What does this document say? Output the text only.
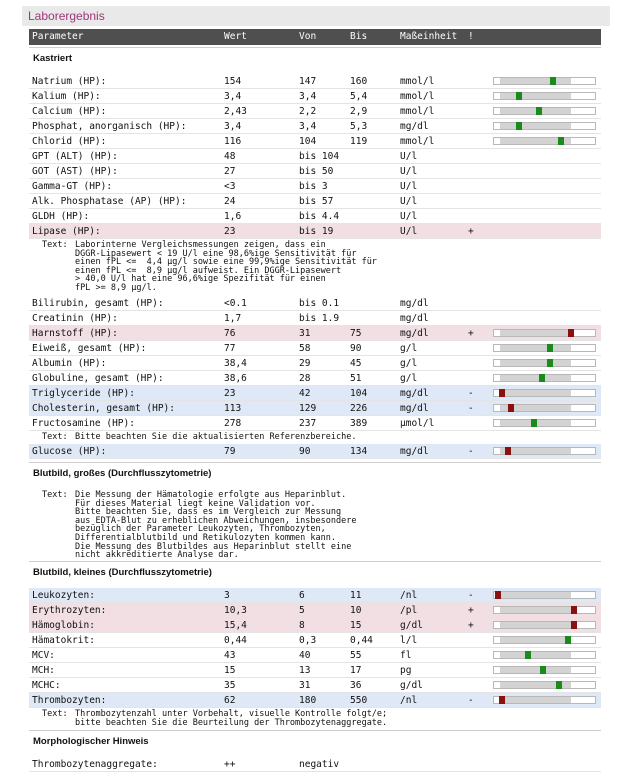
Laborergebnis
Parameter	Wert	Von	Bis	Maßeinheit !
Kastriert
Natrium (HP):	154	147	160	mmol/l
Kalium (HP):	3,4	3,4	5,4	mmol/l
Calcium (HP):	2,43	2,2	2,9	mmol/l
Phosphat, anorganisch (HP):	3,4	3,4	5,3	mg/dl
Chlorid (HP):	116	104	119	mmol/l
GPT (ALT) (HP):	48	bis 104	U/l
GOT (AST) (HP):	27	bis 50	U/l
Gamma-GT (HP):	<3	bis 3	U/l
Alk. Phosphatase (AP) (HP):	24	bis 57	U/l
GLDH (HP):	1,6	bis 4.4	U/l
Lipase (HP):	23	bis 19	U/l	+
Text: Laborinterne Vergleichsmessungen zeigen, dass ein
DGGR-Lipasewert < 19 U/l eine 98,6%ige Sensitivität für
einen fPL <=  4,4 µg/l sowie eine 99,9%ige Sensitivität für
einen fPL <=  8,9 µg/l aufweist. Ein DGGR-Lipasewert
> 40,0 U/l hat eine 96,6%ige Spezifität für einen
fPL >= 8,9 µg/l.
Bilirubin, gesamt (HP):	<0.1	bis 0.1	mg/dl
Creatinin (HP):	1,7	bis 1.9	mg/dl
Harnstoff (HP):	76	31	75	mg/dl	+
Eiweiß, gesamt (HP):	77	58	90	g/l
Albumin (HP):	38,4	29	45	g/l
Globuline, gesamt (HP):	38,6	28	51	g/l
Triglyceride (HP):	23	42	104	mg/dl	-
Cholesterin, gesamt (HP):	113	129	226	mg/dl	-
Fructosamine (HP):	278	237	389	µmol/l
Text: Bitte beachten Sie die aktualisierten Referenzbereiche.
Glucose (HP):	79	90	134	mg/dl	-
Blutbild, großes (Durchflusszytometrie)
Text: Die Messung der Hämatologie erfolgte aus Heparinblut.
Für dieses Material liegt keine Validation vor.
Bitte beachten Sie, dass es im Vergleich zur Messung
aus EDTA-Blut zu erheblichen Abweichungen, insbesondere
bezüglich der Parameter Leukozyten, Thrombozyten,
Differentialblutbild und Retikulozyten kommen kann.
Die Messung des Blutbildes aus Heparinblut stellt eine
nicht akkreditierte Analyse dar.
Blutbild, kleines (Durchflusszytometrie)
Leukozyten:	3	6	11	/nl	-
Erythrozyten:	10,3	5	10	/pl	+
Hämoglobin:	15,4	8	15	g/dl	+
Hämatokrit:	0,44	0,3	0,44	l/l
MCV:	43	40	55	fl
MCH:	15	13	17	pg
MCHC:	35	31	36	g/dl
Thrombozyten:	62	180	550	/nl	-
Text: Thrombozytenzahl unter Vorbehalt, visuelle Kontrolle folgt/e;
bitte beachten Sie die Beurteilung der Thrombozytenaggregate.
Morphologischer Hinweis
Thrombozytenaggregate:	++	negativ
